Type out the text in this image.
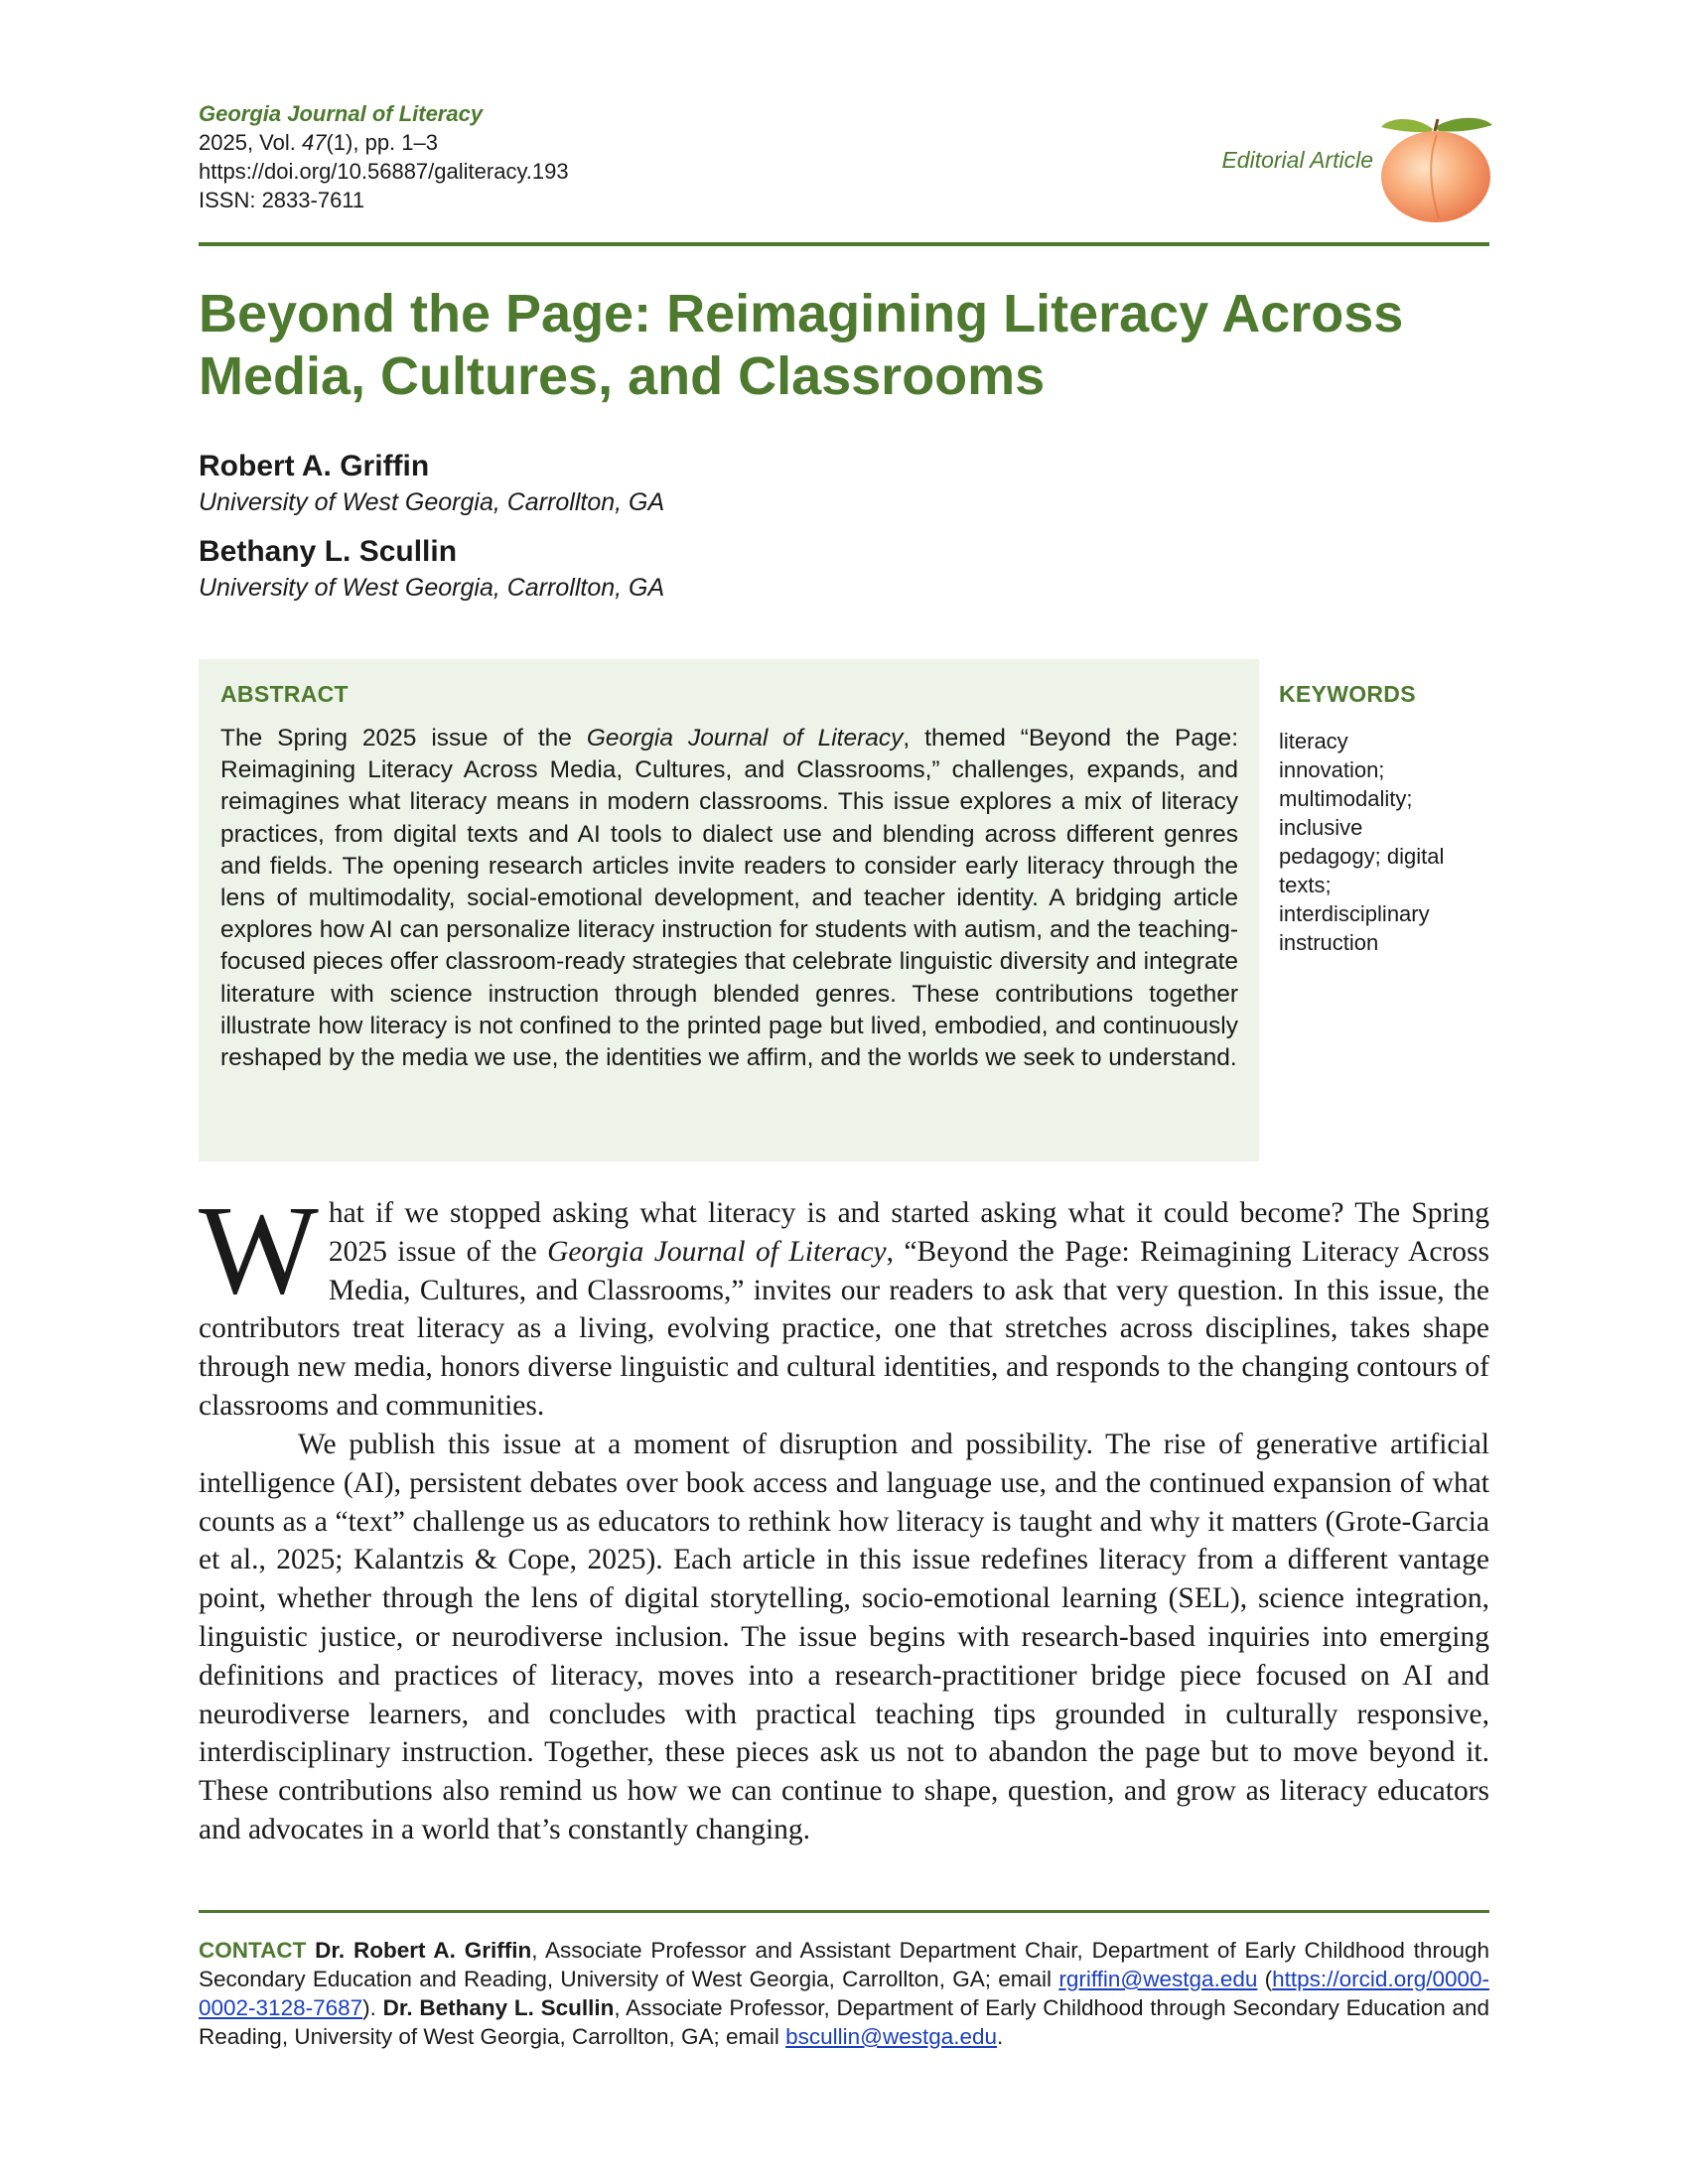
Georgia Journal of Literacy
2025, Vol. 47(1), pp. 1–3
https://doi.org/10.56887/galiteracy.193
ISSN: 2833-7611
Editorial Article
Beyond the Page: Reimagining Literacy Across Media, Cultures, and Classrooms
Robert A. Griffin
University of West Georgia, Carrollton, GA
Bethany L. Scullin
University of West Georgia, Carrollton, GA
ABSTRACT

The Spring 2025 issue of the Georgia Journal of Literacy, themed “Beyond the Page: Reimagining Literacy Across Media, Cultures, and Classrooms,” challenges, expands, and reimagines what literacy means in modern classrooms. This issue explores a mix of literacy practices, from digital texts and AI tools to dialect use and blending across different genres and fields. The opening research articles invite readers to consider early literacy through the lens of multimodality, social-emotional development, and teacher identity. A bridging article explores how AI can personalize literacy instruction for students with autism, and the teaching-focused pieces offer classroom-ready strategies that celebrate linguistic diversity and integrate literature with science instruction through blended genres. These contributions together illustrate how literacy is not confined to the printed page but lived, embodied, and continuously reshaped by the media we use, the identities we affirm, and the worlds we seek to understand.

KEYWORDS

literacy innovation; multimodality; inclusive pedagogy; digital texts; interdisciplinary instruction

What if we stopped asking what literacy is and started asking what it could become? The Spring 2025 issue of the Georgia Journal of Literacy, “Beyond the Page: Reimagining Literacy Across Media, Cultures, and Classrooms,” invites our readers to ask that very question. In this issue, the contributors treat literacy as a living, evolving practice, one that stretches across disciplines, takes shape through new media, honors diverse linguistic and cultural identities, and responds to the changing contours of classrooms and communities.

We publish this issue at a moment of disruption and possibility. The rise of generative artificial intelligence (AI), persistent debates over book access and language use, and the continued expansion of what counts as a “text” challenge us as educators to rethink how literacy is taught and why it matters (Grote-Garcia et al., 2025; Kalantzis & Cope, 2025). Each article in this issue redefines literacy from a different vantage point, whether through the lens of digital storytelling, socio-emotional learning (SEL), science integration, linguistic justice, or neurodiverse inclusion. The issue begins with research-based inquiries into emerging definitions and practices of literacy, moves into a research-practitioner bridge piece focused on AI and neurodiverse learners, and concludes with practical teaching tips grounded in culturally responsive, interdisciplinary instruction. Together, these pieces ask us not to abandon the page but to move beyond it. These contributions also remind us how we can continue to shape, question, and grow as literacy educators and advocates in a world that’s constantly changing.

CONTACT Dr. Robert A. Griffin, Associate Professor and Assistant Department Chair, Department of Early Childhood through Secondary Education and Reading, University of West Georgia, Carrollton, GA; email rgriffin@westga.edu (https://orcid.org/0000-0002-3128-7687). Dr. Bethany L. Scullin, Associate Professor, Department of Early Childhood through Secondary Education and Reading, University of West Georgia, Carrollton, GA; email bscullin@westga.edu.
